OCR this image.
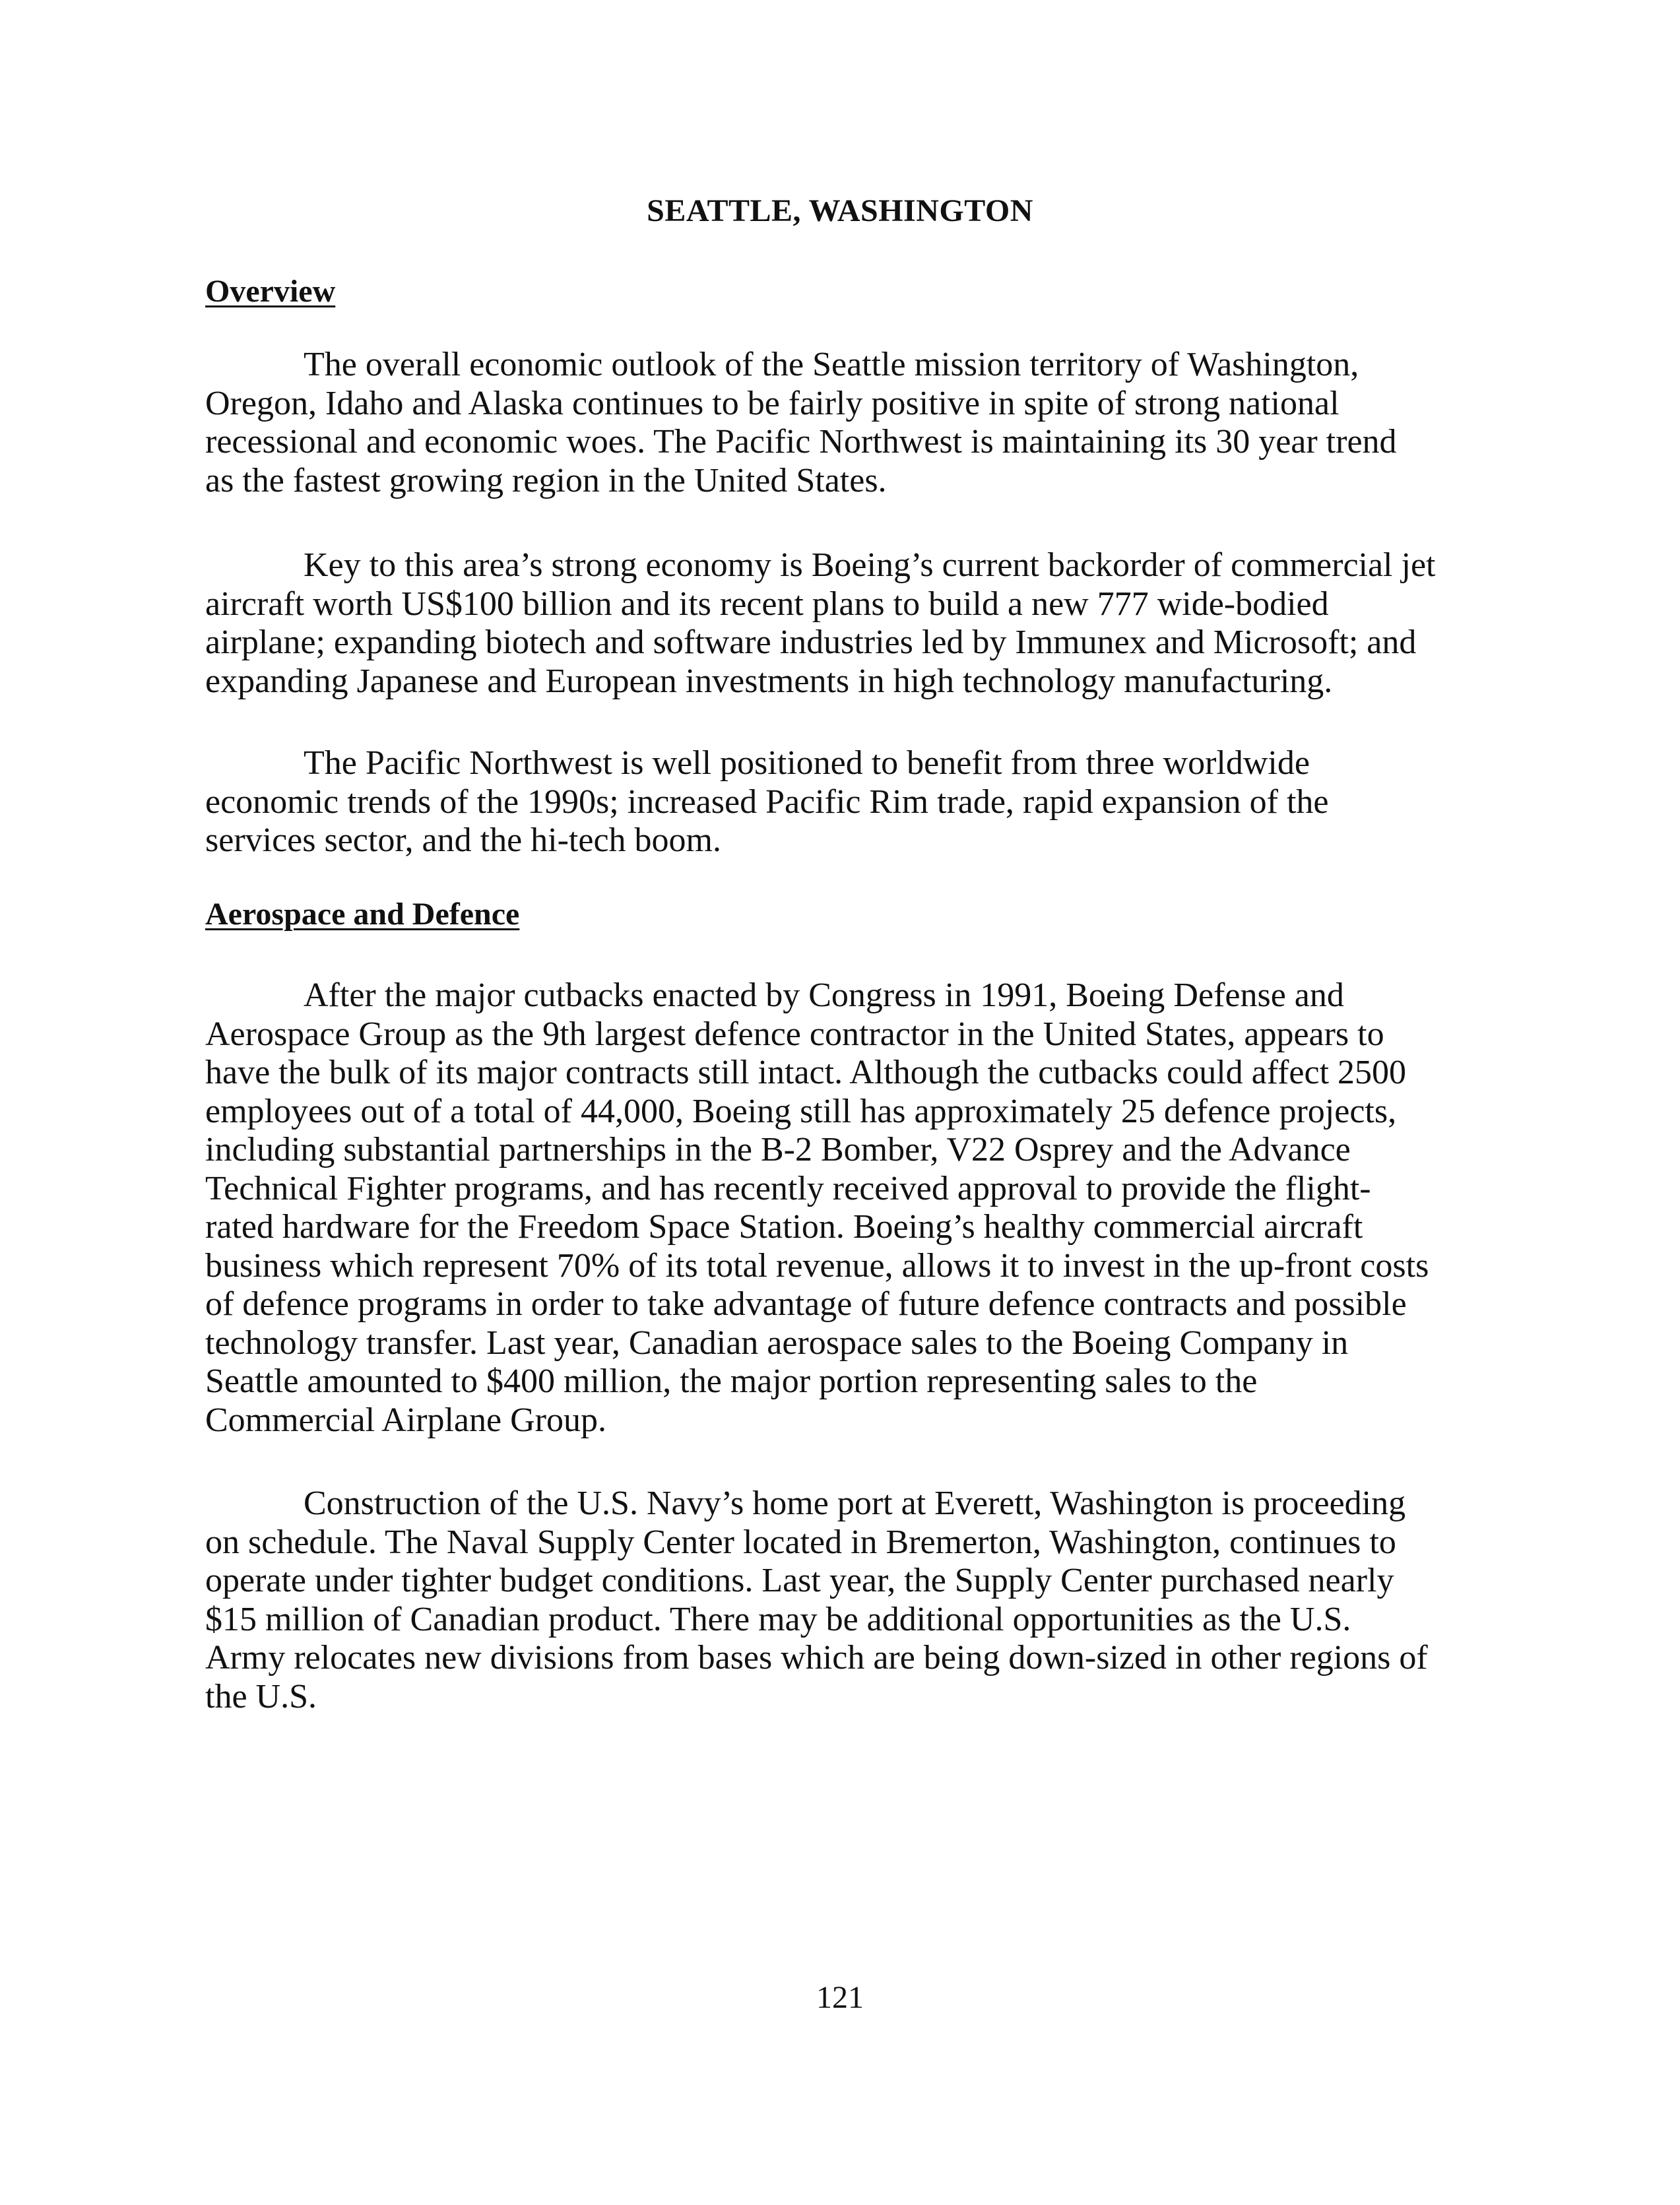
SEATTLE, WASHINGTON
Overview

The overall economic outlook of the Seattle mission territory of Washington,
Oregon, Idaho and Alaska continues to be fairly positive in spite of strong national
recessional and economic woes. The Pacific Northwest is maintaining its 30 year trend
as the fastest growing region in the United States.

Key to this area’s strong economy is Boeing’s current backorder of commercial jet
aircraft worth US$100 billion and its recent plans to build a new 777 wide-bodied
airplane; expanding biotech and software industries led by Immunex and Microsoft; and
expanding Japanese and European investments in high technology manufacturing.

The Pacific Northwest is well positioned to benefit from three worldwide
economic trends of the 1990s; increased Pacific Rim trade, rapid expansion of the
services sector, and the hi-tech boom.

Aerospace and Defence

After the major cutbacks enacted by Congress in 1991, Boeing Defense and
Aerospace Group as the 9th largest defence contractor in the United States, appears to
have the bulk of its major contracts still intact. Although the cutbacks could affect 2500
employees out of a total of 44,000, Boeing still has approximately 25 defence projects,
including substantial partnerships in the B-2 Bomber, V22 Osprey and the Advance
Technical Fighter programs, and has recently received approval to provide the flight-
rated hardware for the Freedom Space Station. Boeing’s healthy commercial aircraft
business which represent 70% of its total revenue, allows it to invest in the up-front costs
of defence programs in order to take advantage of future defence contracts and possible
technology transfer. Last year, Canadian aerospace sales to the Boeing Company in
Seattle amounted to $400 million, the major portion representing sales to the
Commercial Airplane Group.

Construction of the U.S. Navy’s home port at Everett, Washington is proceeding
on schedule. The Naval Supply Center located in Bremerton, Washington, continues to
operate under tighter budget conditions. Last year, the Supply Center purchased nearly
$15 million of Canadian product. There may be additional opportunities as the U.S.
Army relocates new divisions from bases which are being down-sized in other regions of
the U.S.

121
